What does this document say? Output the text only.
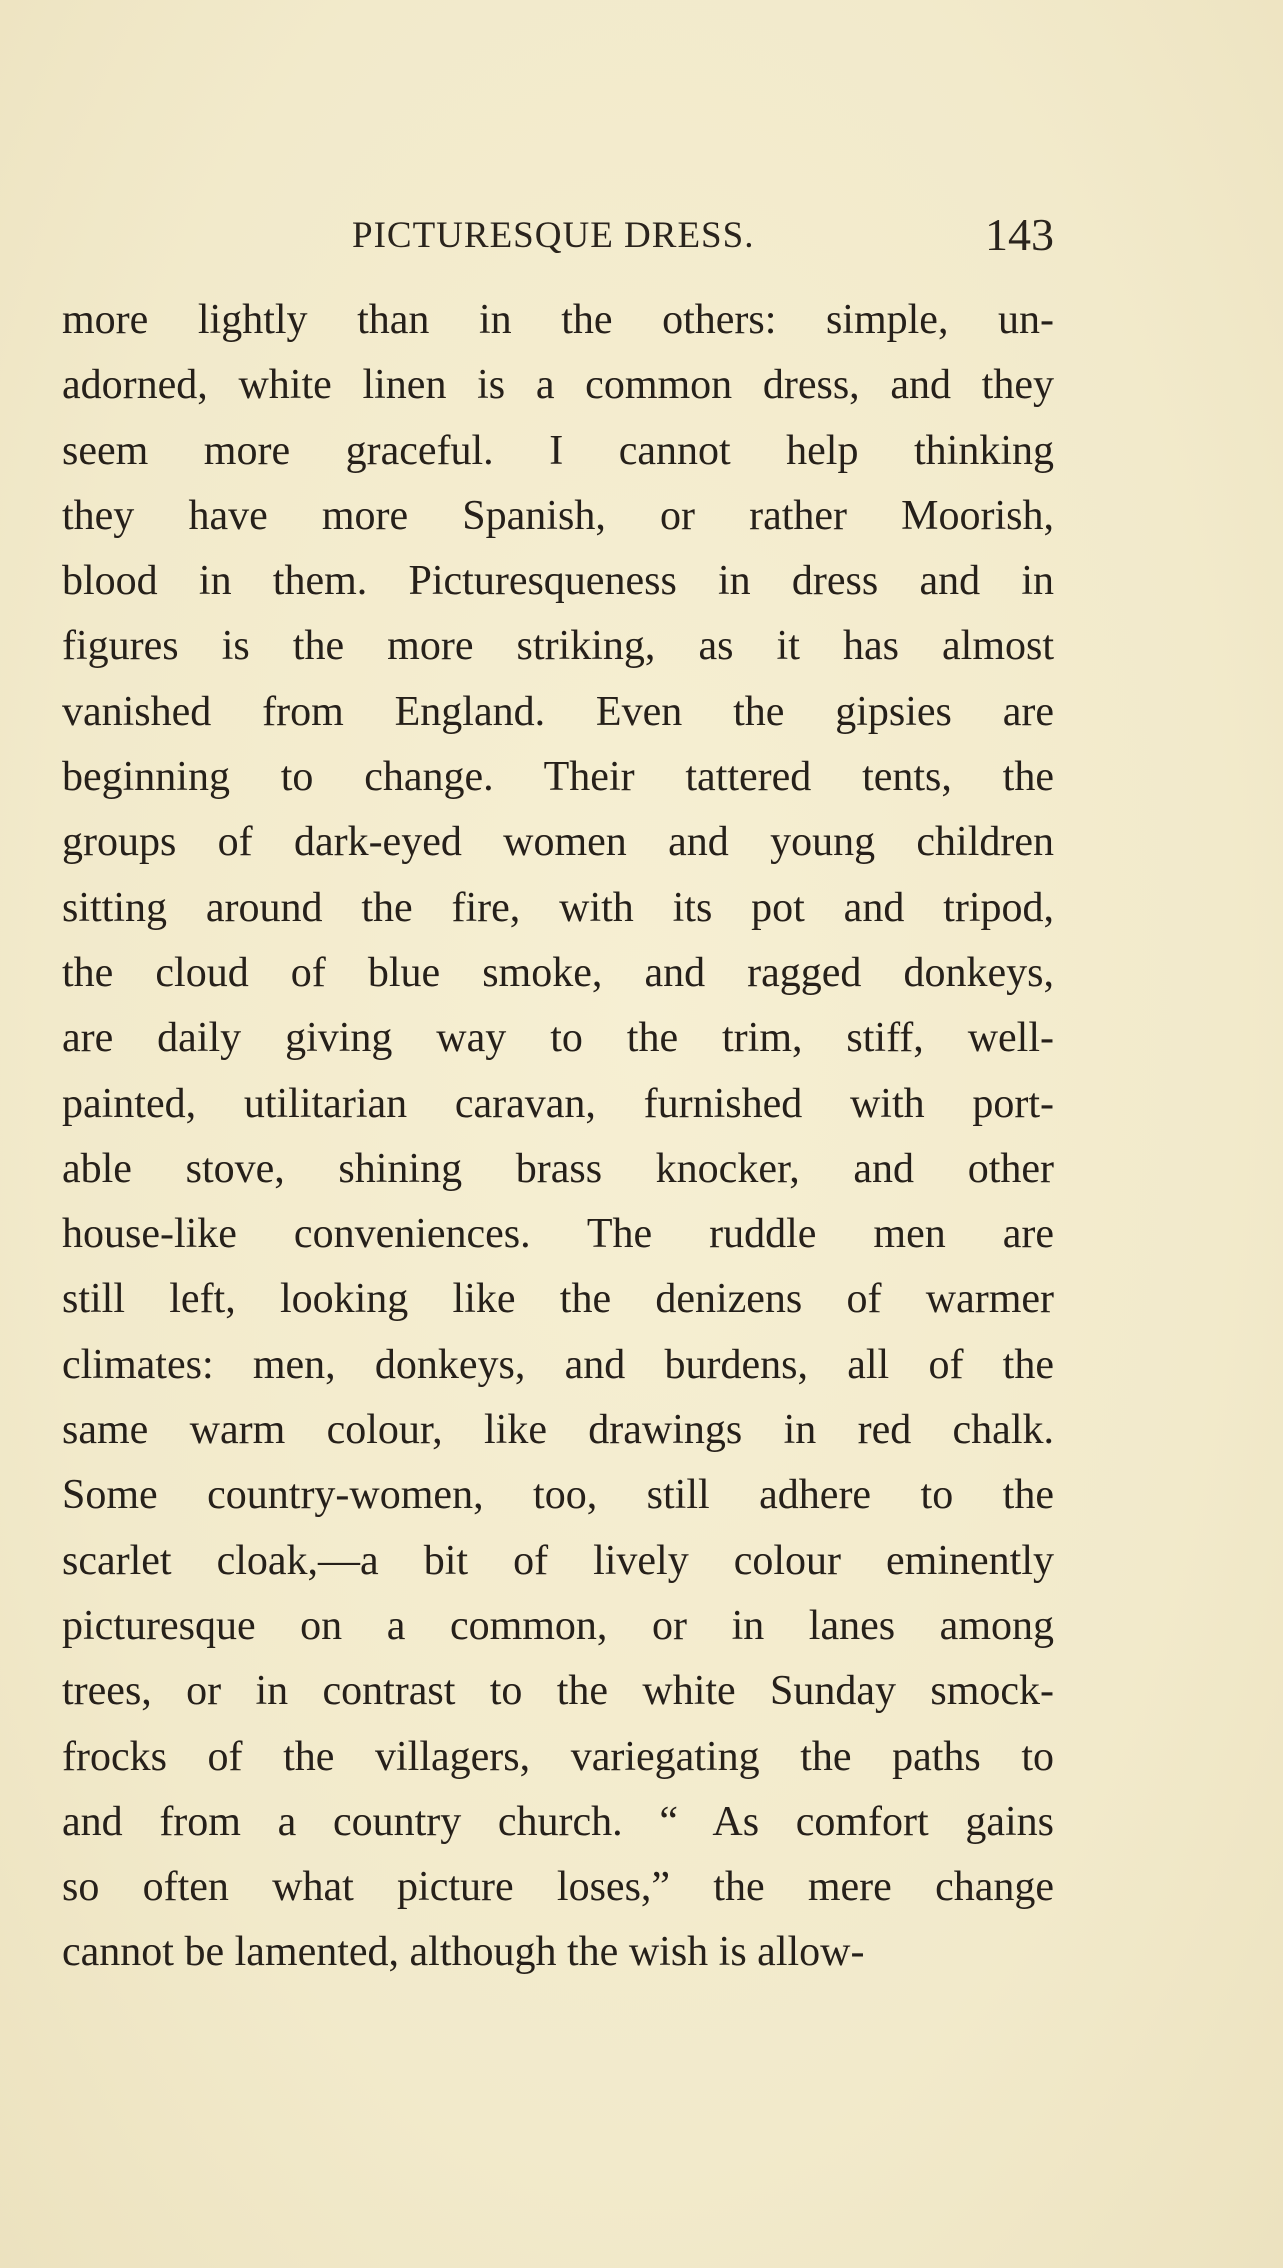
PICTURESQUE DRESS.	143
more lightly than in the others: simple, un-
adorned, white linen is a common dress, and they
seem more graceful. I cannot help thinking
they have more Spanish, or rather Moorish,
blood in them. Picturesqueness in dress and in
figures is the more striking, as it has almost
vanished from England. Even the gipsies are
beginning to change. Their tattered tents, the
groups of dark-eyed women and young children
sitting around the fire, with its pot and tripod,
the cloud of blue smoke, and ragged donkeys,
are daily giving way to the trim, stiff, well-
painted, utilitarian caravan, furnished with port-
able stove, shining brass knocker, and other
house-like conveniences. The ruddle men are
still left, looking like the denizens of warmer
climates: men, donkeys, and burdens, all of the
same warm colour, like drawings in red chalk.
Some country-women, too, still adhere to the
scarlet cloak,—a bit of lively colour eminently
picturesque on a common, or in lanes among
trees, or in contrast to the white Sunday smock-
frocks of the villagers, variegating the paths to
and from a country church. “ As comfort gains
so often what picture loses,” the mere change
cannot be lamented, although the wish is allow-
